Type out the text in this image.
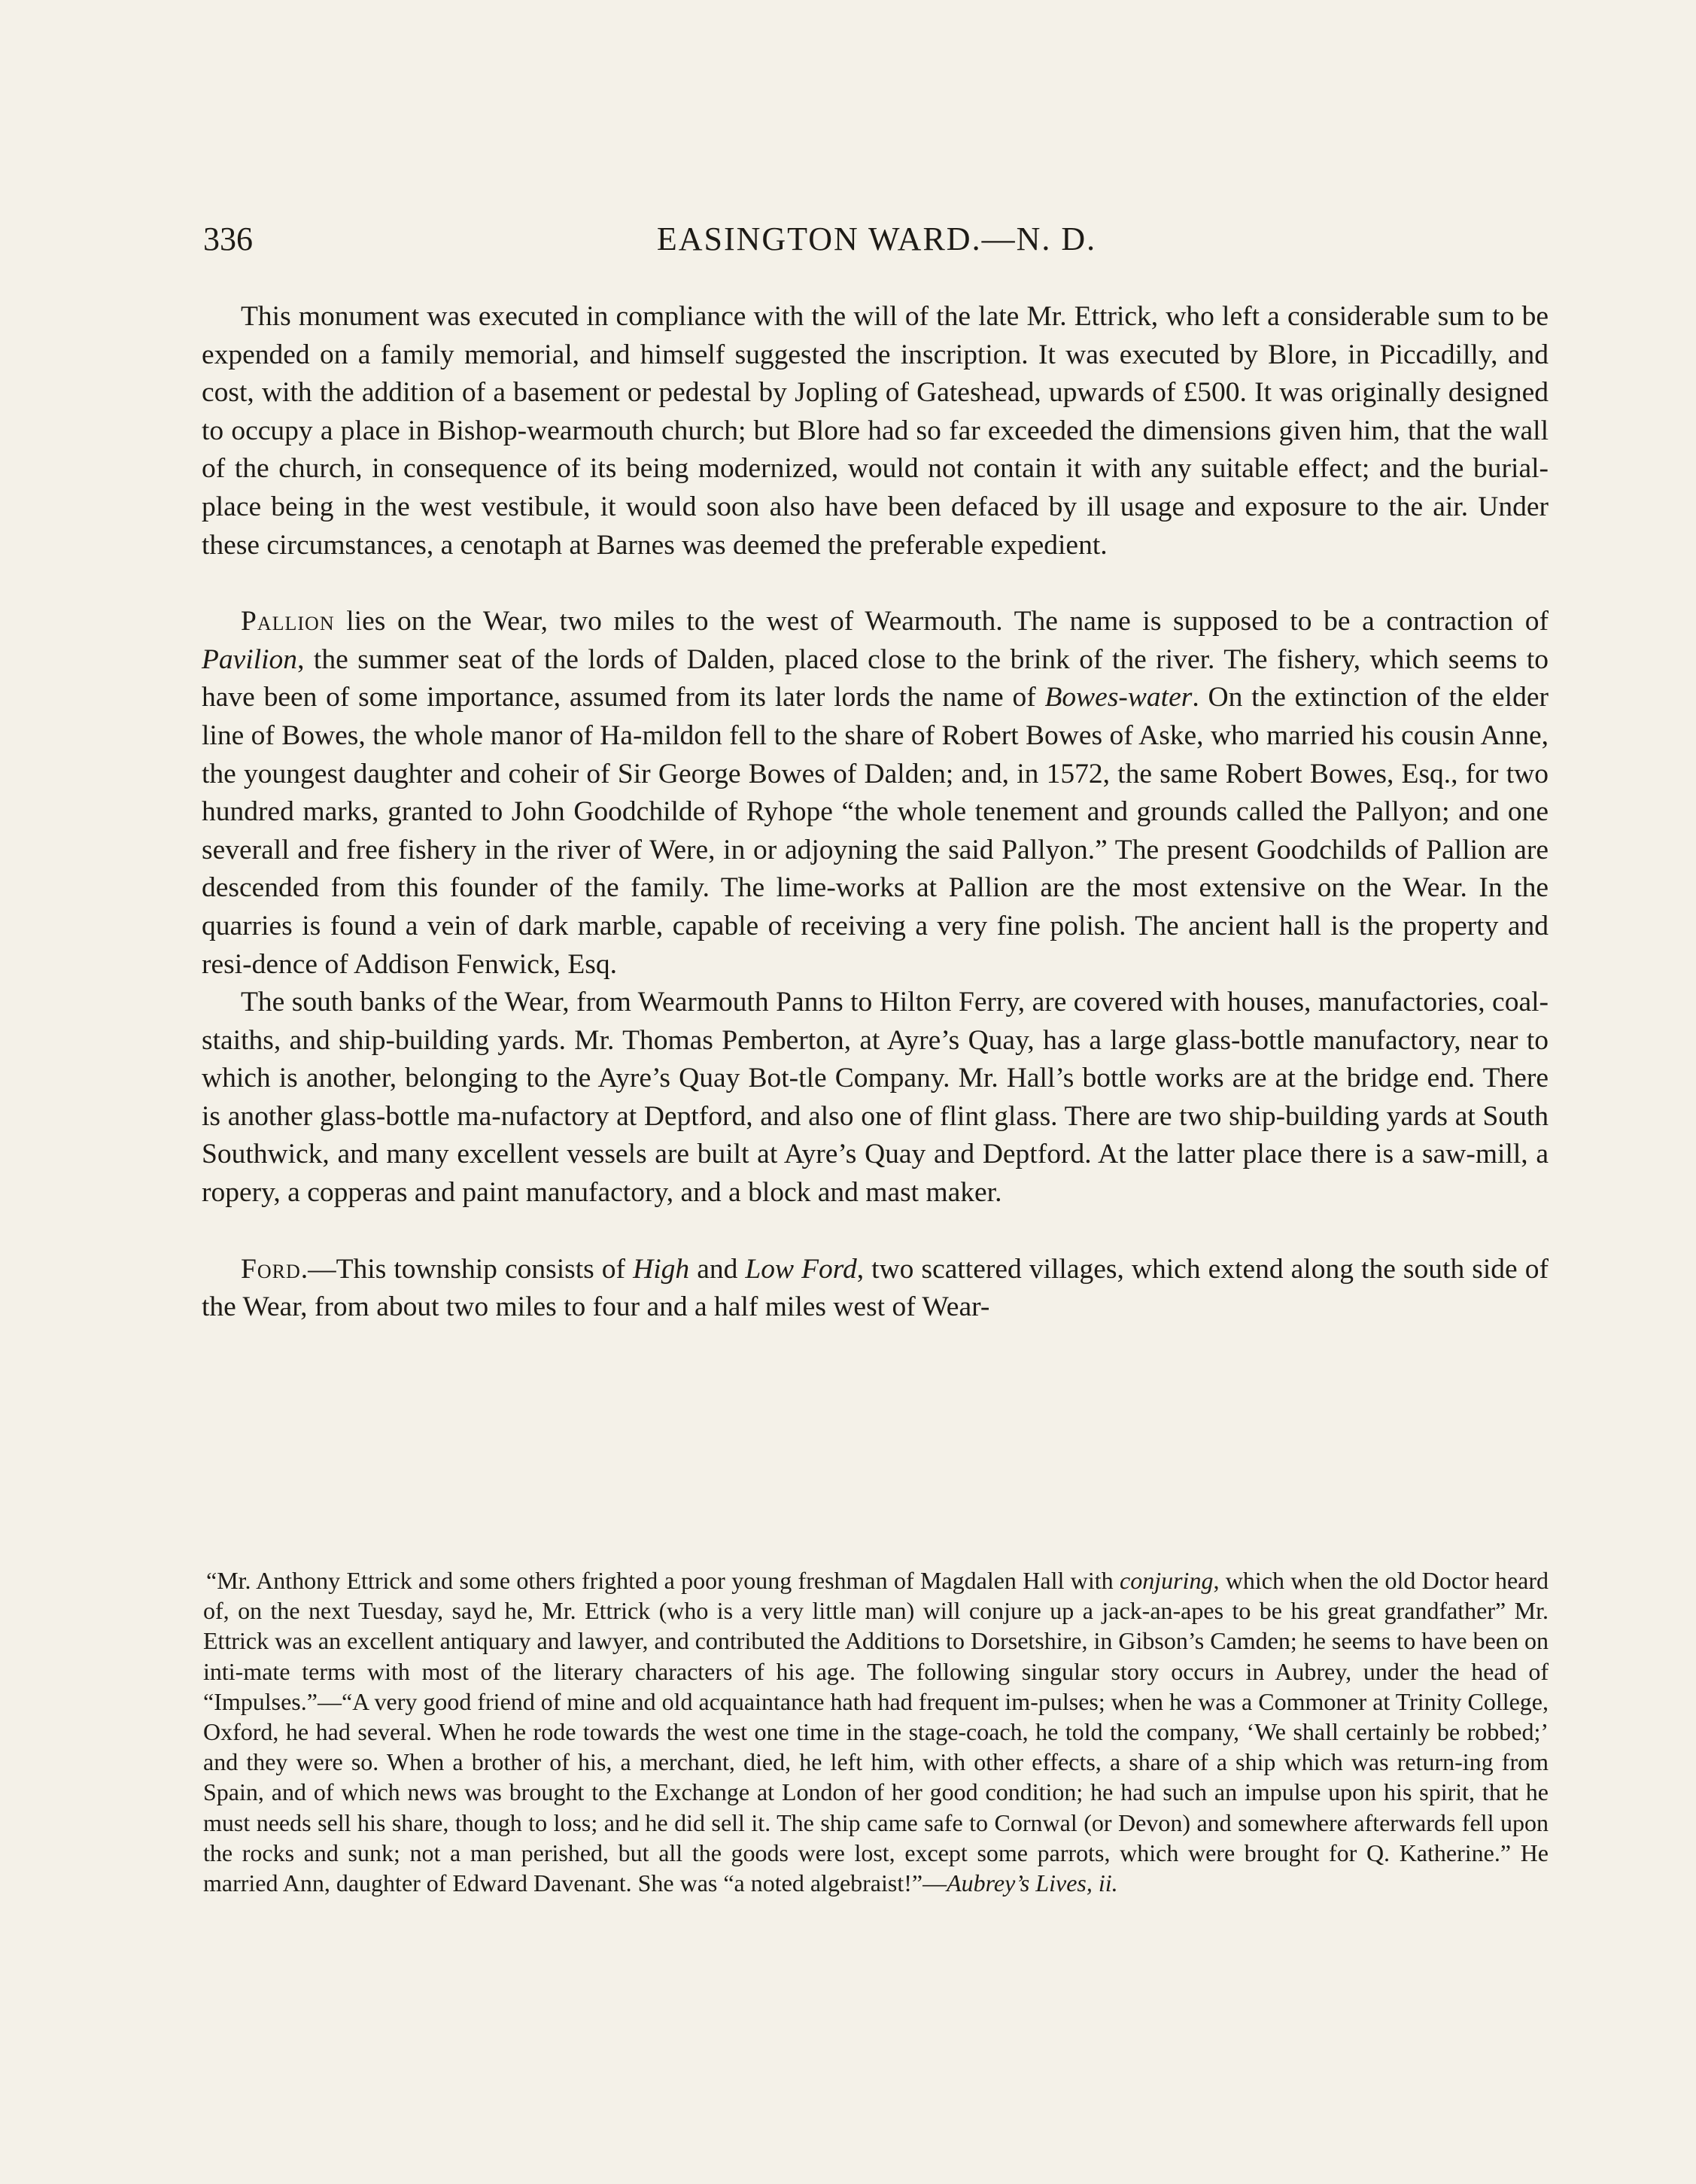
336	EASINGTON WARD.—N. D.

This monument was executed in compliance with the will of the late Mr. Ettrick, who left a considerable sum to be expended on a family memorial, and himself suggested the inscription. It was executed by Blore, in Piccadilly, and cost, with the addition of a basement or pedestal by Jopling of Gateshead, upwards of £500. It was originally designed to occupy a place in Bishop-wearmouth church; but Blore had so far exceeded the dimensions given him, that the wall of the church, in consequence of its being modernized, would not contain it with any suitable effect; and the burial-place being in the west vestibule, it would soon also have been defaced by ill usage and exposure to the air. Under these circumstances, a cenotaph at Barnes was deemed the preferable expedient.

Pallion lies on the Wear, two miles to the west of Wearmouth. The name is supposed to be a contraction of Pavilion, the summer seat of the lords of Dalden, placed close to the brink of the river. The fishery, which seems to have been of some importance, assumed from its later lords the name of Bowes-water. On the extinction of the elder line of Bowes, the whole manor of Ha-mildon fell to the share of Robert Bowes of Aske, who married his cousin Anne, the youngest daughter and coheir of Sir George Bowes of Dalden; and, in 1572, the same Robert Bowes, Esq., for two hundred marks, granted to John Goodchilde of Ryhope “the whole tenement and grounds called the Pallyon; and one severall and free fishery in the river of Were, in or adjoyning the said Pallyon.” The present Goodchilds of Pallion are descended from this founder of the family. The lime-works at Pallion are the most extensive on the Wear. In the quarries is found a vein of dark marble, capable of receiving a very fine polish. The ancient hall is the property and resi-dence of Addison Fenwick, Esq.

The south banks of the Wear, from Wearmouth Panns to Hilton Ferry, are covered with houses, manufactories, coal-staiths, and ship-building yards. Mr. Thomas Pemberton, at Ayre’s Quay, has a large glass-bottle manufactory, near to which is another, belonging to the Ayre’s Quay Bot-tle Company. Mr. Hall’s bottle works are at the bridge end. There is another glass-bottle ma-nufactory at Deptford, and also one of flint glass. There are two ship-building yards at South Southwick, and many excellent vessels are built at Ayre’s Quay and Deptford. At the latter place there is a saw-mill, a ropery, a copperas and paint manufactory, and a block and mast maker.

Ford.—This township consists of High and Low Ford, two scattered villages, which extend along the south side of the Wear, from about two miles to four and a half miles west of Wear-

“Mr. Anthony Ettrick and some others frighted a poor young freshman of Magdalen Hall with conjuring, which when the old Doctor heard of, on the next Tuesday, sayd he, Mr. Ettrick (who is a very little man) will conjure up a jack-an-apes to be his great grandfather” Mr. Ettrick was an excellent antiquary and lawyer, and contributed the Additions to Dorsetshire, in Gibson’s Camden; he seems to have been on inti-mate terms with most of the literary characters of his age. The following singular story occurs in Aubrey, under the head of “Impulses.”—“A very good friend of mine and old acquaintance hath had frequent im-pulses; when he was a Commoner at Trinity College, Oxford, he had several. When he rode towards the west one time in the stage-coach, he told the company, ‘We shall certainly be robbed;’ and they were so. When a brother of his, a merchant, died, he left him, with other effects, a share of a ship which was return-ing from Spain, and of which news was brought to the Exchange at London of her good condition; he had such an impulse upon his spirit, that he must needs sell his share, though to loss; and he did sell it. The ship came safe to Cornwal (or Devon) and somewhere afterwards fell upon the rocks and sunk; not a man perished, but all the goods were lost, except some parrots, which were brought for Q. Katherine.” He married Ann, daughter of Edward Davenant. She was “a noted algebraist!”—Aubrey’s Lives, ii.
